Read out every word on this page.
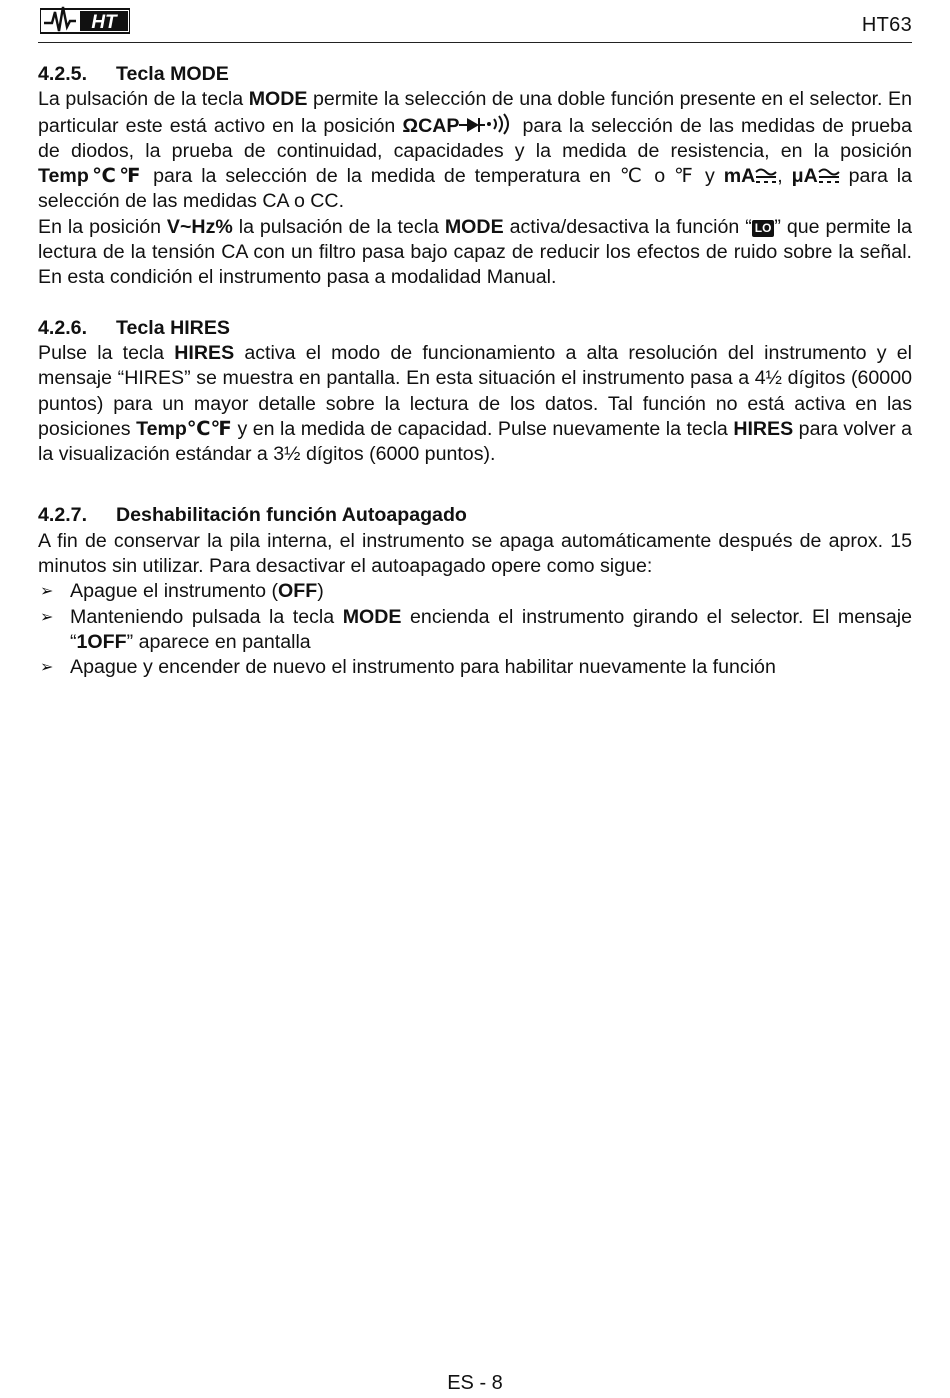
HT	HT63
4.2.5. Tecla MODE

La pulsación de la tecla MODE permite la selección de una doble función presente en el selector. En particular este está activo en la posición ΩCAP	para la selección de las medidas de prueba de diodos, la prueba de continuidad, capacidades y la medida de resistencia, en la posición Temp℃℉ para la selección de la medida de temperatura en ℃ o ℉ y mA , μA para la selección de las medidas CA o CC.

En la posición V~Hz% la pulsación de la tecla MODE activa/desactiva la función “ LO ” que permite la lectura de la tensión CA con un filtro pasa bajo capaz de reducir los efectos de ruido sobre la señal. En esta condición el instrumento pasa a modalidad Manual.

4.2.6. Tecla HIRES

Pulse la tecla HIRES activa el modo de funcionamiento a alta resolución del instrumento y el mensaje “HIRES” se muestra en pantalla. En esta situación el instrumento pasa a 4½ dígitos (60000 puntos) para un mayor detalle sobre la lectura de los datos. Tal función no está activa en las posiciones Temp℃℉ y en la medida de capacidad. Pulse nuevamente la tecla HIRES para volver a la visualización estándar a 3½ dígitos (6000 puntos).

4.2.7. Deshabilitación función Autoapagado

A fin de conservar la pila interna, el instrumento se apaga automáticamente después de aprox. 15 minutos sin utilizar. Para desactivar el autoapagado opere como sigue:

➢ Apague el instrumento (OFF)
➢ Manteniendo pulsada la tecla MODE encienda el instrumento girando el selector. El mensaje “1OFF” aparece en pantalla
➢ Apague y encender de nuevo el instrumento para habilitar nuevamente la función
ES - 8
